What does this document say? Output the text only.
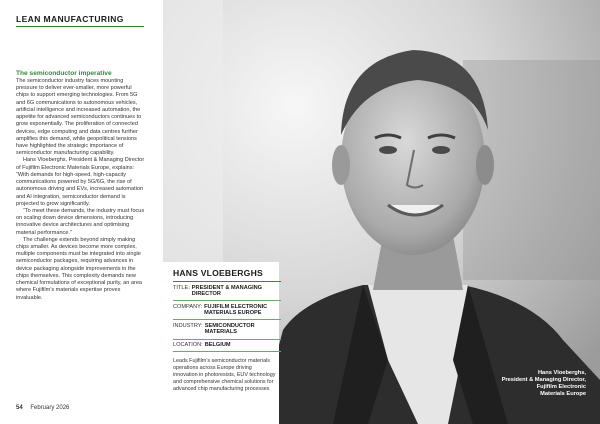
LEAN MANUFACTURING
The semiconductor imperative

The semiconductor industry faces mounting pressure to deliver ever-smaller, more powerful chips to support emerging technologies. From 5G and 6G communications to autonomous vehicles, artificial intelligence and increased automation, the appetite for advanced semiconductors continues to grow exponentially. The proliferation of connected devices, edge computing and data centres further amplifies this demand, while geopolitical tensions have highlighted the strategic importance of semiconductor manufacturing capability.

Hans Vloeberghs, President & Managing Director of Fujifilm Electronic Materials Europe, explains: “With demands for high-speed, high-capacity communications powered by 5G/6G, the rise of autonomous driving and EVs, increased automation and AI integration, semiconductor demand is projected to grow significantly.

“To meet these demands, the industry must focus on scaling down device dimensions, introducing innovative device architectures and optimising material performance.”

The challenge extends beyond simply making chips smaller. As devices become more complex, multiple components must be integrated into single semiconductor packages, requiring advances in device packaging alongside improvements in the chips themselves. This complexity demands new chemical formulations of exceptional purity, an area where Fujifilm’s materials expertise proves invaluable.

54 February 2026
HANS VLOEBERGHS
TITLE: PRESIDENT & MANAGING DIRECTOR
COMPANY: FUJIFILM ELECTRONIC MATERIALS EUROPE
INDUSTRY: SEMICONDUCTOR MATERIALS
LOCATION: BELGIUM
Leads Fujifilm’s semiconductor materials operations across Europe driving innovation in photoresists, EUV technology and comprehensive chemical solutions for advanced chip manufacturing processes
Hans Vloeberghs,
President & Managing Director,
Fujifilm Electronic
Materials Europe
